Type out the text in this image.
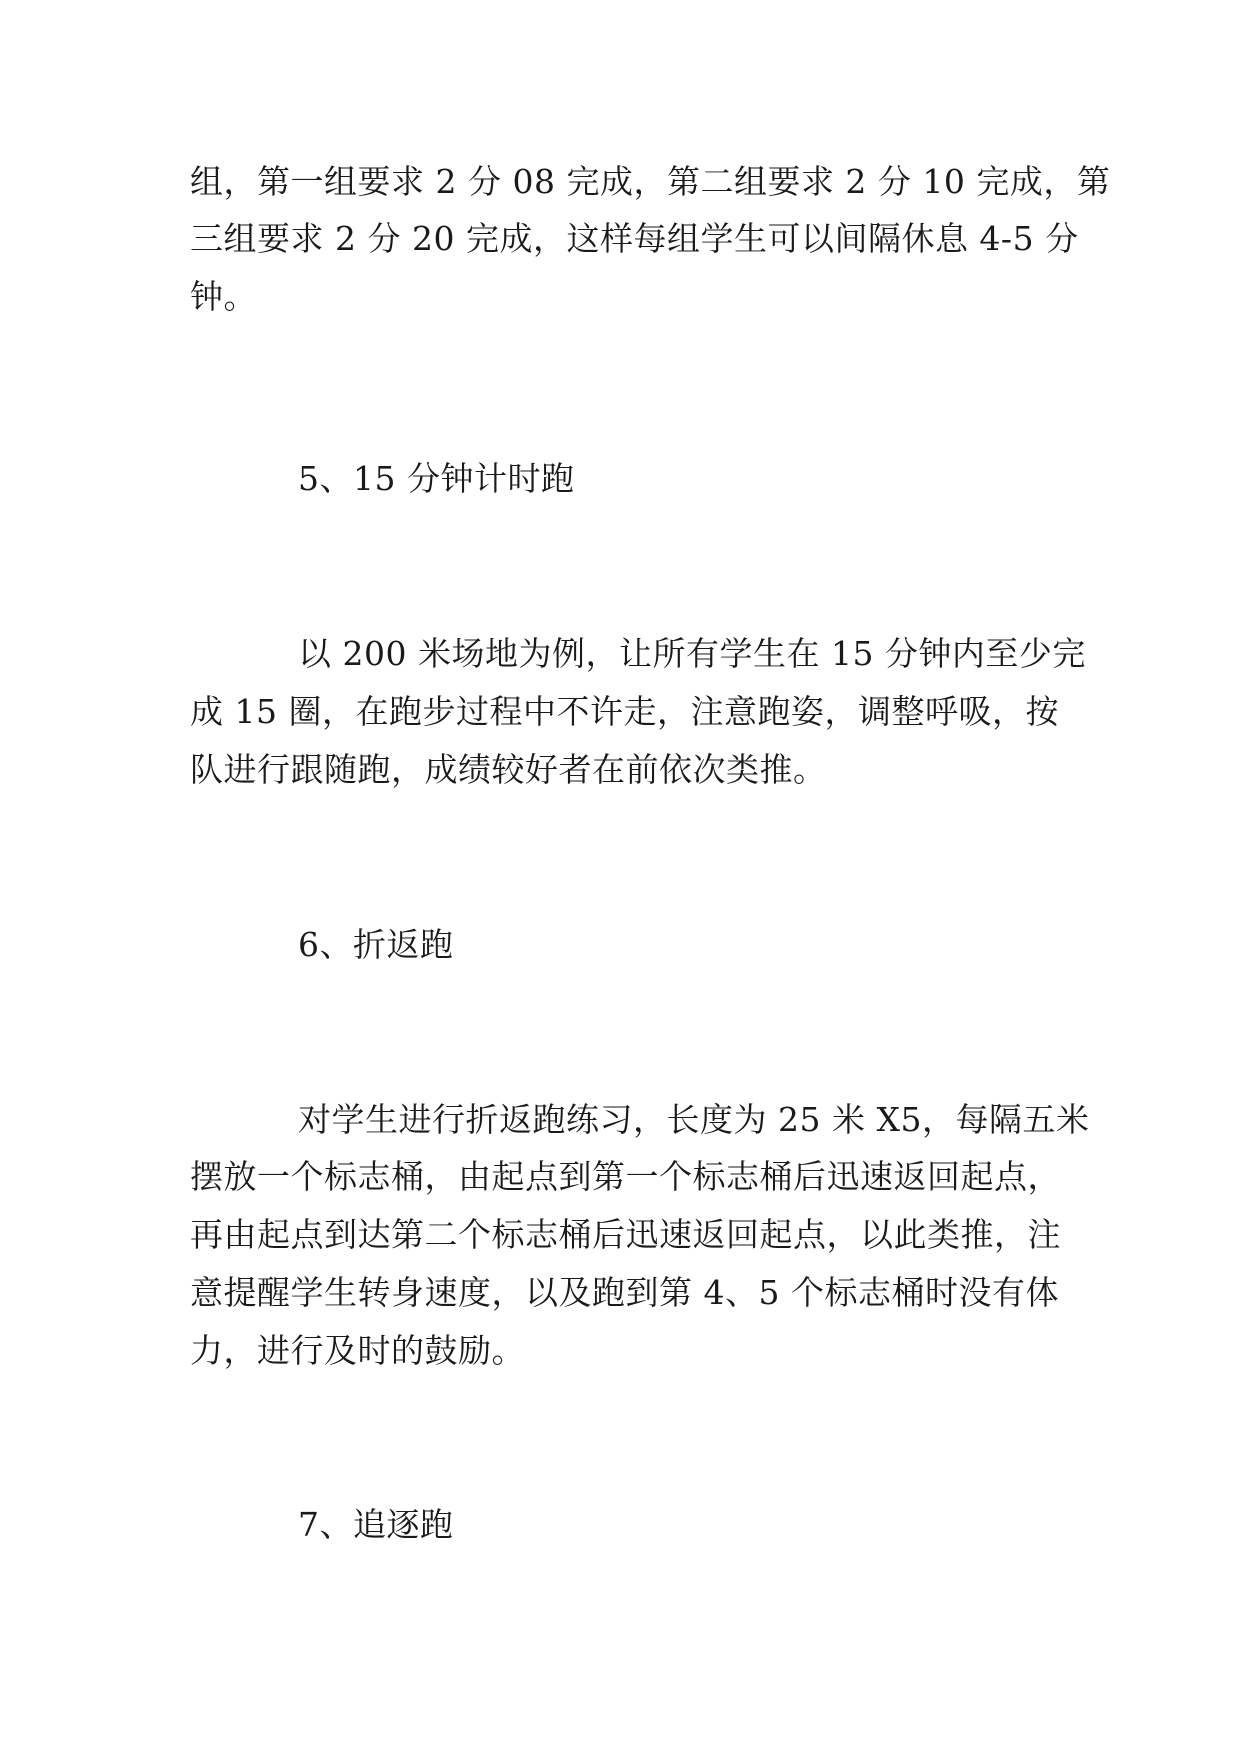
组，第一组要求 2 分 08 完成，第二组要求 2 分 10 完成，第
三组要求 2 分 20 完成，这样每组学生可以间隔休息 4-5 分
钟。
5、15 分钟计时跑
以 200 米场地为例，让所有学生在 15 分钟内至少完
成 15 圈，在跑步过程中不许走，注意跑姿，调整呼吸，按
队进行跟随跑，成绩较好者在前依次类推。
6、折返跑
对学生进行折返跑练习，长度为 25 米 X5，每隔五米
摆放一个标志桶，由起点到第一个标志桶后迅速返回起点，
再由起点到达第二个标志桶后迅速返回起点，以此类推，注
意提醒学生转身速度，以及跑到第 4、5 个标志桶时没有体
力，进行及时的鼓励。
7、追逐跑
